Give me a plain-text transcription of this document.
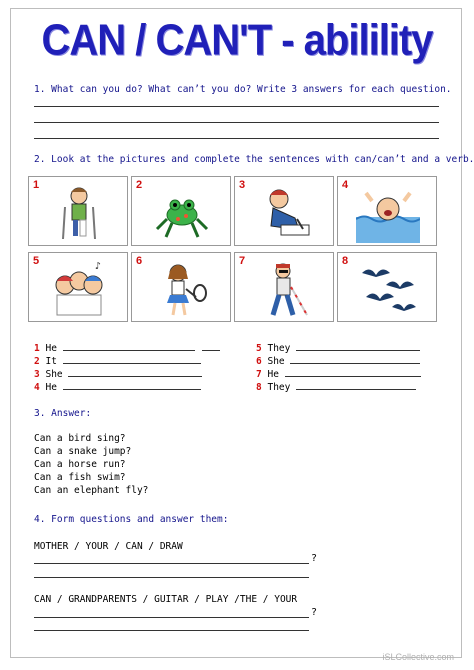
CAN / CAN'T - abilility
1. What can you do? What can’t you do? Write 3 answers for each question.
2. Look at the pictures and complete the sentences with can/can’t and a verb.
1	2	3	4
5	♪	6	7	8
1 He
2 It
3 She
4 He
5 They
6 She
7 He
8 They
3. Answer:
Can a bird sing?
Can a snake jump?
Can a horse run?
Can a fish swim?
Can an elephant fly?
4. Form questions and answer them:
MOTHER / YOUR / CAN / DRAW
?
CAN / GRANDPARENTS / GUITAR / PLAY /THE / YOUR
?
iSLCollective.com
